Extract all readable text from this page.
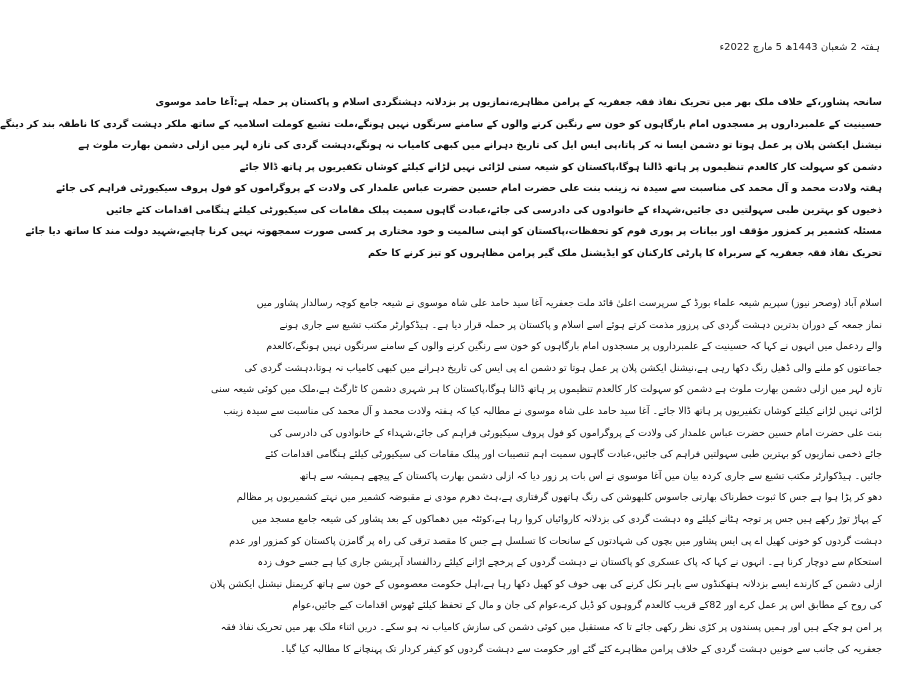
ہفتہ 2 شعبان 1443ھ 5 مارچ 2022ء
سانحہ پشاور،کے خلاف ملک بھر میں تحریک نفاذ فقہ جعفریہ کے پرامن مظاہرے،نمازیوں پر بزدلانہ دہشتگردی اسلام و پاکستان پر حملہ ہے:آغا حامد موسوی
حسینیت کے علمبرداروں پر مسجدوں امام بارگاہوں کو خون سے رنگین کرنے والوں کے سامنے سرنگوں نہیں ہونگے،ملت تشیع کوملت اسلامیہ کے ساتھ ملکر دہشت گردی کا ناطقہ بند کر دینگے
نیشنل ایکشن پلان پر عمل ہوتا تو دشمن ایسا نہ کر پاتا،پی ایس ایل کی تاریخ دہرانے میں کبھی کامیاب نہ ہونگے،دہشت گردی کی تازہ لہر میں ازلی دشمن بھارت ملوث ہے
دشمن کو سہولت کار کالعدم تنظیموں پر ہاتھ ڈالنا ہوگا،پاکستان کو شیعہ سنی لڑائی نہیں لڑانے کیلئے کوشاں تکفیریوں پر ہاتھ ڈالا جائے
ہفتہ ولادت محمد و آل محمد کی مناسبت سے سیدہ نہ زینب بنت علی حضرت امام حسین حضرت عباس علمدار کی ولادت کے پروگراموں کو فول پروف سیکیورٹی فراہم کی جائے
ذخیوں کو بہترین طبی سہولتیں دی جائیں،شہداء کے خانوادوں کی دادرسی کی جائے،عبادت گاہوں سمیت پبلک مقامات کی سیکیورٹی کیلئے ہنگامی اقدامات کئے جائیں
مسئلہ کشمیر پر کمزور مؤقف اور بیانات پر پوری قوم کو تحفظات،پاکستان کو اپنی سالمیت و خود مختاری پر کسی صورت سمجھوتہ نہیں کرنا چاہیے،شہید دولت مند کا ساتھ دیا جائے
تحریک نفاذ فقہ جعفریہ کے سربراہ کا پارٹی کارکنان کو ایڈیشنل ملک گیر پرامن مظاہروں کو تیز کرنے کا حکم
اسلام آباد (وصحر نیوز) سپریم شیعہ علماء بورڈ کے سرپرست اعلیٰ قائد ملت جعفریہ آغا سید حامد علی شاہ موسوی نے شیعہ جامع کوچہ رسالدار پشاور میں
نماز جمعہ کے دوران بدترین دہشت گردی کی پرزور مذمت کرتے ہوئے اسے اسلام و پاکستان پر حملہ قرار دیا ہے۔ ہیڈکوارٹر مکتب تشیع سے جاری ہونے
والے ردعمل میں انہوں نے کہا کہ حسینیت کے علمبرداروں پر مسجدوں امام بارگاہوں کو خون سے رنگین کرنے والوں کے سامنے سرنگوں نہیں ہونگے،کالعدم
جماعتوں کو ملنے والی ڈھیل رنگ دکھا رہی ہے،نیشنل ایکشن پلان پر عمل ہوتا تو دشمن اے پی ایس کی تاریخ دہرانے میں کبھی کامیاب نہ ہوتا،دہشت گردی کی
تازہ لہر میں ازلی دشمن بھارت ملوث ہے دشمن کو سہولت کار کالعدم تنظیموں پر ہاتھ ڈالنا ہوگا،پاکستان کا ہر شہری دشمن کا ٹارگٹ ہے،ملک میں کوئی شیعہ سنی
لڑائی نہیں لڑانے کیلئے کوشاں تکفیریوں پر ہاتھ ڈالا جائے۔ آغا سید حامد علی شاہ موسوی نے مطالبہ کیا کہ ہفتہ ولادت محمد و آل محمد کی مناسبت سے سیدہ زینب
بنت علی حضرت امام حسین حضرت عباس علمدار کی ولادت کے پروگراموں کو فول پروف سیکیورٹی فراہم کی جائے،شہداء کے خانوادوں کی دادرسی کی
جائے ذخمی نمازیوں کو بہترین طبی سہولتیں فراہم کی جائیں،عبادت گاہوں سمیت اہم تنصیبات اور پبلک مقامات کی سیکیورٹی کیلئے ہنگامی اقدامات کئے
جائیں۔ ہیڈکوارٹر مکتب تشیع سے جاری کردہ بیان میں آغا موسوی نے اس بات پر زور دیا کہ ازلی دشمن بھارت پاکستان کے پیچھے ہمیشہ سے ہاتھ
دھو کر پڑا ہوا ہے جس کا ثبوت خطرناک بھارتی جاسوس کلبھوشن کی رنگ ہاتھوں گرفتاری ہے،ہٹ دھرم مودی نے مقبوضہ کشمیر میں نہتے کشمیریوں پر مظالم
کے پہاڑ توڑ رکھے ہیں جس پر توجہ ہٹانے کیلئے وہ دہشت گردی کی بزدلانہ کاروائیاں کروا رہا ہے،کوئٹہ میں دھماکوں کے بعد پشاور کی شیعہ جامع مسجد میں
دہشت گردوں کو خونی کھیل اے پی ایس پشاور میں بچوں کی شہادتوں کے سانحات کا تسلسل ہے جس کا مقصد ترقی کی راہ پر گامزن پاکستان کو کمزور اور عدم
استحکام سے دوچار کرنا ہے۔ انہوں نے کہا کہ پاک عسکری کو پاکستان نے دہشت گردوں کے پرخچے اڑانے کیلئے ردالفساد آپریشن جاری کیا ہے جسے خوف زدہ
ازلی دشمن کے کارندے ایسے بزدلانہ ہتھکنڈوں سے باہر نکل کرنے کی بھی خوف کو کھیل دکھا رہا ہے،اہل حکومت معصوموں کے خون سے ہاتھ کریمنل نیشنل ایکشن پلان
کی روح کے مطابق اس پر عمل کرے اور 82کے قریب کالعدم گروہوں کو ڈیل کرے،عوام کی جان و مال کے تحفظ کیلئے ٹھوس اقدامات کیے جائیں،عوام
پر امن ہو چکے ہیں اور ہمیں پسندوں پر کڑی نظر رکھی جائے تا کہ مستقبل میں کوئی دشمن کی سازش کامیاب نہ ہو سکے۔ دریں اثناء ملک بھر میں تحریک نفاذ فقہ
جعفریہ کی جانب سے خونیں دہشت گردی کے خلاف پرامن مظاہرے کئے گئے اور حکومت سے دہشت گردوں کو کیفر کردار تک پہنچانے کا مطالبہ کیا گیا۔
